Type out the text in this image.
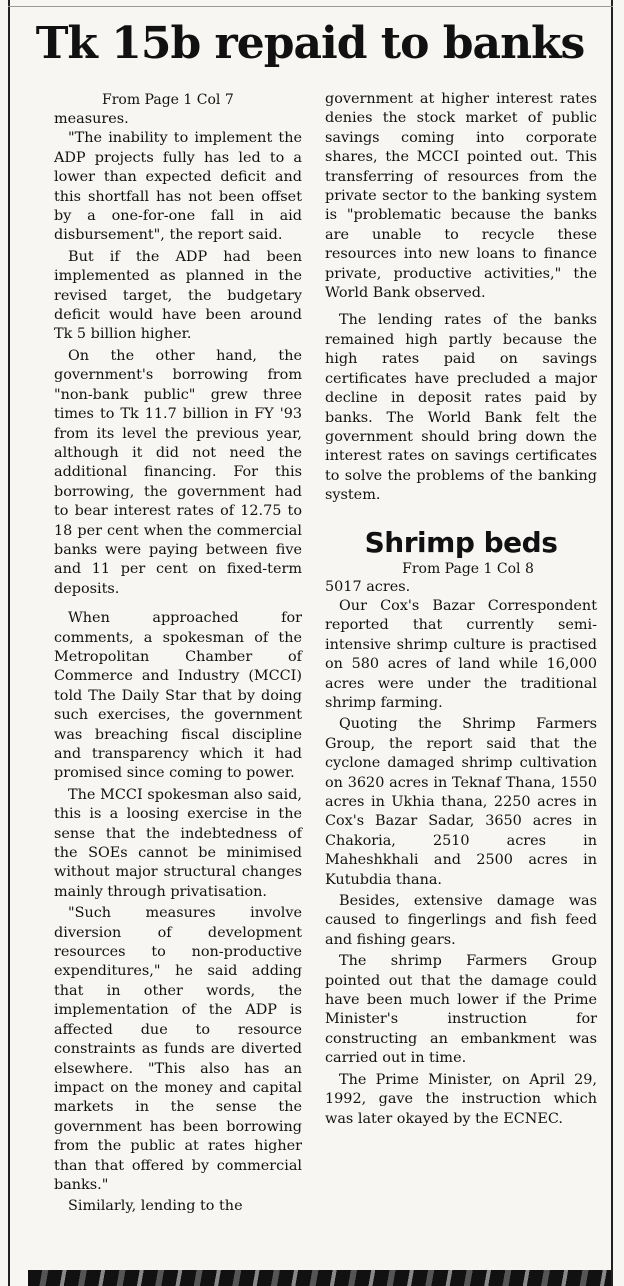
Tk 15b repaid to banks

From Page 1 Col 7

measures.

"The inability to implement the ADP projects fully has led to a lower than expected deficit and this shortfall has not been offset by a one-for-one fall in aid disbursement", the report said.

But if the ADP had been implemented as planned in the revised target, the budgetary deficit would have been around Tk 5 billion higher.

On the other hand, the government's borrowing from "non-bank public" grew three times to Tk 11.7 billion in FY '93 from its level the previous year, although it did not need the additional financing. For this borrowing, the government had to bear interest rates of 12.75 to 18 per cent when the commercial banks were paying between five and 11 per cent on fixed-term deposits.

When approached for comments, a spokesman of the Metropolitan Chamber of Commerce and Industry (MCCI) told The Daily Star that by doing such exercises, the government was breaching fiscal discipline and transparency which it had promised since coming to power.

The MCCI spokesman also said, this is a loosing exercise in the sense that the indebtedness of the SOEs cannot be minimised without major structural changes mainly through privatisation.

"Such measures involve diversion of development resources to non-productive expenditures," he said adding that in other words, the implementation of the ADP is affected due to resource constraints as funds are diverted elsewhere. "This also has an impact on the money and capital markets in the sense the government has been borrowing from the public at rates higher than that offered by commercial banks."

Similarly, lending to the

government at higher interest rates denies the stock market of public savings coming into corporate shares, the MCCI pointed out. This transferring of resources from the private sector to the banking system is "problematic because the banks are unable to recycle these resources into new loans to finance private, productive activities," the World Bank observed.

The lending rates of the banks remained high partly because the high rates paid on savings certificates have precluded a major decline in deposit rates paid by banks. The World Bank felt the government should bring down the interest rates on savings certificates to solve the problems of the banking system.

Shrimp beds

From Page 1 Col 8

5017 acres.

Our Cox's Bazar Correspondent reported that currently semi-intensive shrimp culture is practised on 580 acres of land while 16,000 acres were under the traditional shrimp farming.

Quoting the Shrimp Farmers Group, the report said that the cyclone damaged shrimp cultivation on 3620 acres in Teknaf Thana, 1550 acres in Ukhia thana, 2250 acres in Cox's Bazar Sadar, 3650 acres in Chakoria, 2510 acres in Maheshkhali and 2500 acres in Kutubdia thana.

Besides, extensive damage was caused to fingerlings and fish feed and fishing gears.

The shrimp Farmers Group pointed out that the damage could have been much lower if the Prime Minister's instruction for constructing an embankment was carried out in time.

The Prime Minister, on April 29, 1992, gave the instruction which was later okayed by the ECNEC.
